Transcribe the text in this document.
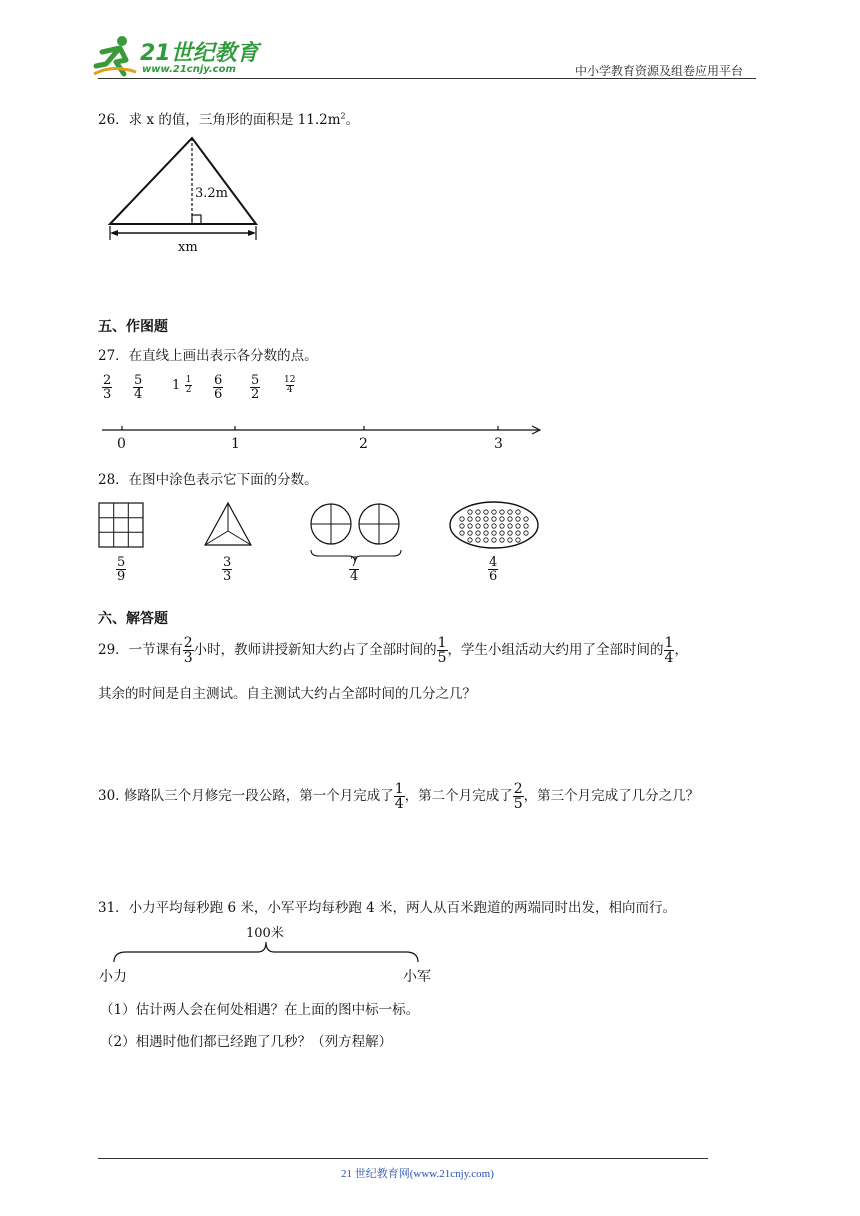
21世纪教育
www.21cnjy.com	中小学教育资源及组卷应用平台
26．求 x 的值，三角形的面积是 $11.2m^2$。
3.2m
xm
五、作图题
27．在直线上画出表示各分数的点。
$\frac{2}{3} \frac{5}{4} 1 \frac{1}{2} \frac{6}{6} \frac{5}{2}$	$\frac{12}{4}$
0	1	2	3
28．在图中涂色表示它下面的分数。
$\frac{5}{9}$	$\frac{3}{3}$	$\frac{7}{4}$	$\frac{4}{6}$
六、解答题
29．一节课有 $\frac{2}{3}$ 小时，教师讲授新知大约占了全部时间的 $\frac{1}{5}$ ，学生小组活动大约用了全部时间的 $\frac{1}{4}$ ，
其余的时间是自主测试。自主测试大约占全部时间的几分之几？
30. 修路队三个月修完一段公路，第一个月完成了 $\frac{1}{4}$ ，第二个月完成了 $\frac{2}{5}$ ，第三个月完成了几分之几？
31．小力平均每秒跑 6 米，小军平均每秒跑 4 米，两人从百米跑道的两端同时出发，相向而行。
100米
小力	小军
（1）估计两人会在何处相遇？在上面的图中标一标。
（2）相遇时他们都已经跑了几秒？（列方程解）
21 世纪教育网(www.21cnjy.com)
